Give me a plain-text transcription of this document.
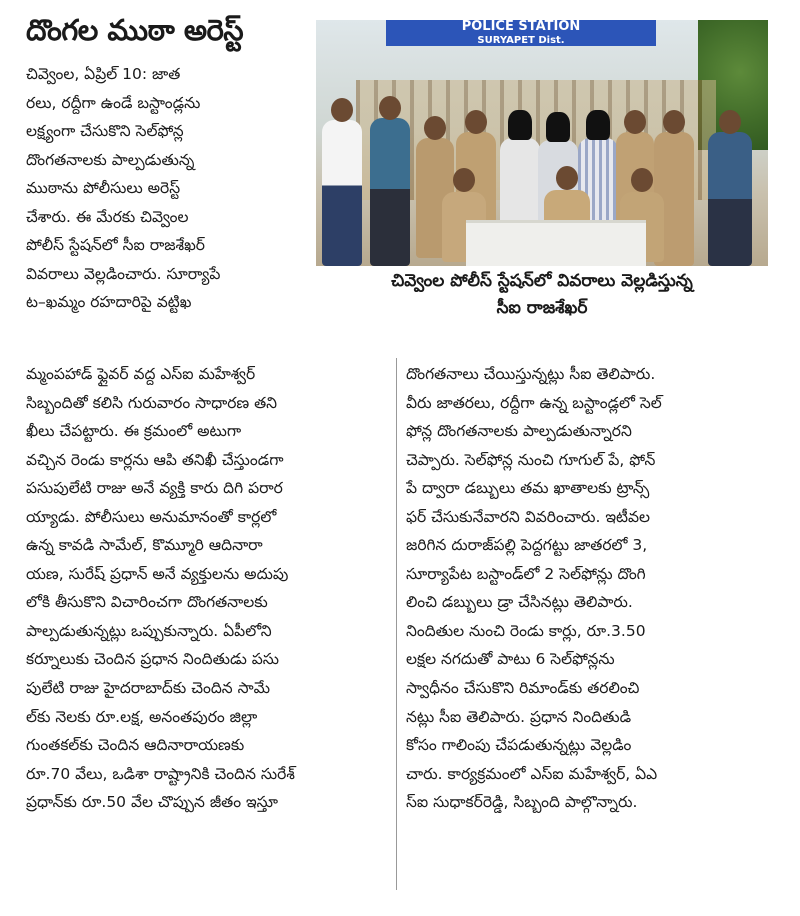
దొంగల ముఠా అరెస్ట్	POLICE STATION
SURYAPET Dist.
చివ్వెంల పోలీస్ స్టేషన్‌లో వివరాలు వెల్లడిస్తున్న
సీఐ రాజశేఖర్
చివ్వెంల, ఏప్రిల్ 10: జాత
రలు, రద్దీగా ఉండే బస్టాండ్లను
లక్ష్యంగా చేసుకొని సెల్‌ఫోన్ల
దొంగతనాలకు పాల్పడుతున్న
ముఠాను పోలీసులు అరెస్ట్
చేశారు. ఈ మేరకు చివ్వెంల
పోలీస్ స్టేషన్‌లో సీఐ రాజశేఖర్
వివరాలు వెల్లడించారు. సూర్యాపే
ట–ఖమ్మం రహదారిపై వట్టిఖ
మ్మంపహాడ్ ఫ్లైవర్ వద్ద ఎస్ఐ మహేశ్వర్
సిబ్బందితో కలిసి గురువారం సాధారణ తని
ఖీలు చేపట్టారు. ఈ క్రమంలో అటుగా
వచ్చిన రెండు కార్లను ఆపి తనిఖీ చేస్తుండగా
పసుపులేటి రాజు అనే వ్యక్తి కారు దిగి పరార
య్యాడు. పోలీసులు అనుమానంతో కార్లలో
ఉన్న కావడి సామేల్, కొమ్మూరి ఆదినారా
యణ, సురేష్ ప్రధాన్ అనే వ్యక్తులను అదుపు
లోకి తీసుకొని విచారించగా దొంగతనాలకు
పాల్పడుతున్నట్లు ఒప్పుకున్నారు. ఏపీలోని
కర్నూలుకు చెందిన ప్రధాన నిందితుడు పసు
పులేటి రాజు హైదరాబాద్‌కు చెందిన సామే
ల్‌కు నెలకు రూ.లక్ష, అనంతపురం జిల్లా
గుంతకల్‌కు చెందిన ఆదినారాయణకు
రూ.70 వేలు, ఒడిశా రాష్ట్రానికి చెందిన సురేశ్
ప్రధాన్‌కు రూ.50 వేల చొప్పున జీతం ఇస్తూ
దొంగతనాలు చేయిస్తున్నట్లు సీఐ తెలిపారు.
వీరు జాతరలు, రద్దీగా ఉన్న బస్టాండ్లలో సెల్
ఫోన్ల దొంగతనాలకు పాల్పడుతున్నారని
చెప్పారు. సెల్‌ఫోన్ల నుంచి గూగుల్ పే, ఫోన్
పే ద్వారా డబ్బులు తమ ఖాతాలకు ట్రాన్స్
ఫర్ చేసుకునేవారని వివరించారు. ఇటీవల
జరిగిన దురాజ్‌పల్లి పెద్దగట్టు జాతరలో 3,
సూర్యాపేట బస్టాండ్‌లో 2 సెల్‌ఫోన్లు దొంగి
లించి డబ్బులు డ్రా చేసినట్లు తెలిపారు.
నిందితుల నుంచి రెండు కార్లు, రూ.3.50
లక్షల నగదుతో పాటు 6 సెల్‌ఫోన్లను
స్వాధీనం చేసుకొని రిమాండ్‌కు తరలించి
నట్లు సీఐ తెలిపారు. ప్రధాన నిందితుడి
కోసం గాలింపు చేపడుతున్నట్లు వెల్లడిం
చారు. కార్యక్రమంలో ఎస్ఐ మహేశ్వర్, ఏఎ
స్ఐ సుధాకర్‌రెడ్డి, సిబ్బంది పాల్గొన్నారు.
